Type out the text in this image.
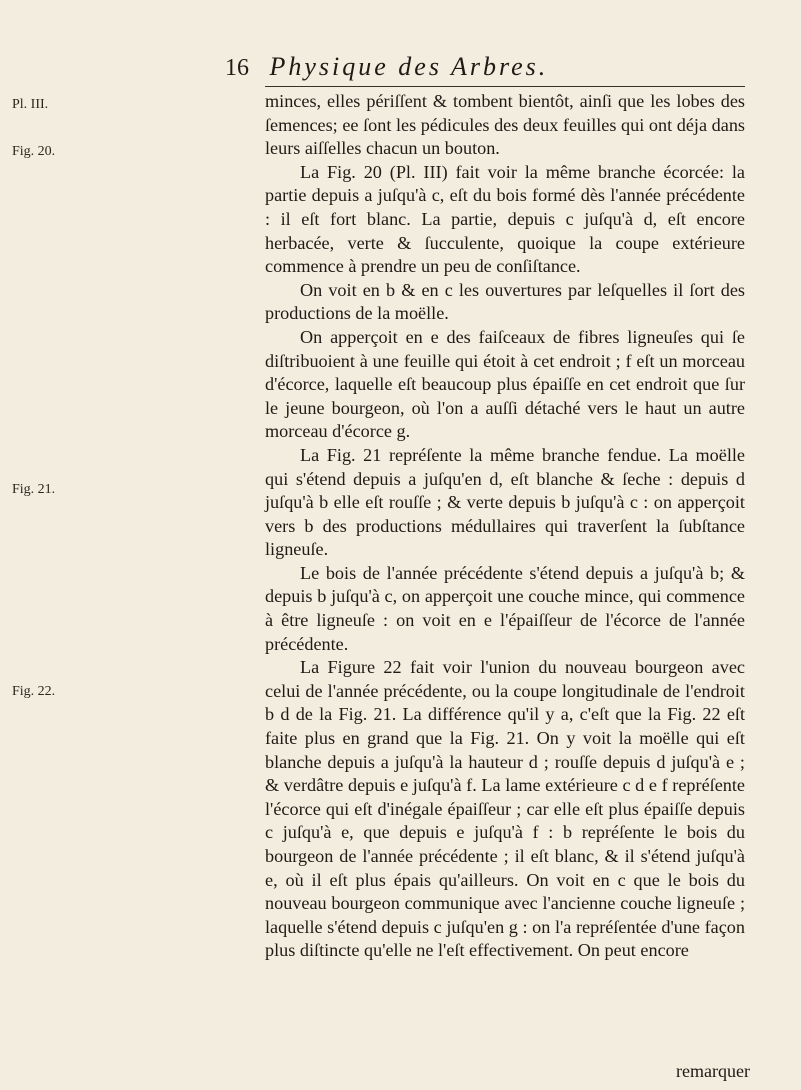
16 Physique des Arbres.
Pl. III.
Fig. 20.
Fig. 21.
Fig. 22.

minces, elles périſſent & tombent bientôt, ainſi que les lobes des ſemences; ee ſont les pédicules des deux feuilles qui ont déja dans leurs aiſſelles chacun un bouton.

La Fig. 20 (Pl. III) fait voir la même branche écorcée: la partie depuis a juſqu'à c, eſt du bois formé dès l'année précédente : il eſt fort blanc. La partie, depuis c juſqu'à d, eſt encore herbacée, verte & ſucculente, quoique la coupe extérieure commence à prendre un peu de conſiſtance.

On voit en b & en c les ouvertures par leſquelles il ſort des productions de la moëlle.

On apperçoit en e des faiſceaux de fibres ligneuſes qui ſe diſtribuoient à une feuille qui étoit à cet endroit ; f eſt un morceau d'écorce, laquelle eſt beaucoup plus épaiſſe en cet endroit que ſur le jeune bourgeon, où l'on a auſſi détaché vers le haut un autre morceau d'écorce g.

La Fig. 21 repréſente la même branche fendue. La moëlle qui s'étend depuis a juſqu'en d, eſt blanche & ſeche : depuis d juſqu'à b elle eſt rouſſe ; & verte depuis b juſqu'à c : on apperçoit vers b des productions médullaires qui traverſent la ſubſtance ligneuſe.

Le bois de l'année précédente s'étend depuis a juſqu'à b; & depuis b juſqu'à c, on apperçoit une couche mince, qui commence à être ligneuſe : on voit en e l'épaiſſeur de l'écorce de l'année précédente.

La Figure 22 fait voir l'union du nouveau bourgeon avec celui de l'année précédente, ou la coupe longitudinale de l'endroit b d de la Fig. 21. La différence qu'il y a, c'eſt que la Fig. 22 eſt faite plus en grand que la Fig. 21. On y voit la moëlle qui eſt blanche depuis a juſqu'à la hauteur d ; rouſſe depuis d juſqu'à e ; & verdâtre depuis e juſqu'à f. La lame extérieure c d e f repréſente l'écorce qui eſt d'inégale épaiſſeur ; car elle eſt plus épaiſſe depuis c juſqu'à e, que depuis e juſqu'à f : b repréſente le bois du bourgeon de l'année précédente ; il eſt blanc, & il s'étend juſqu'à e, où il eſt plus épais qu'ailleurs. On voit en c que le bois du nouveau bourgeon communique avec l'ancienne couche ligneuſe ; laquelle s'étend depuis c juſqu'en g : on l'a repréſentée d'une façon plus diſtincte qu'elle ne l'eſt effectivement. On peut encore

remarquer
